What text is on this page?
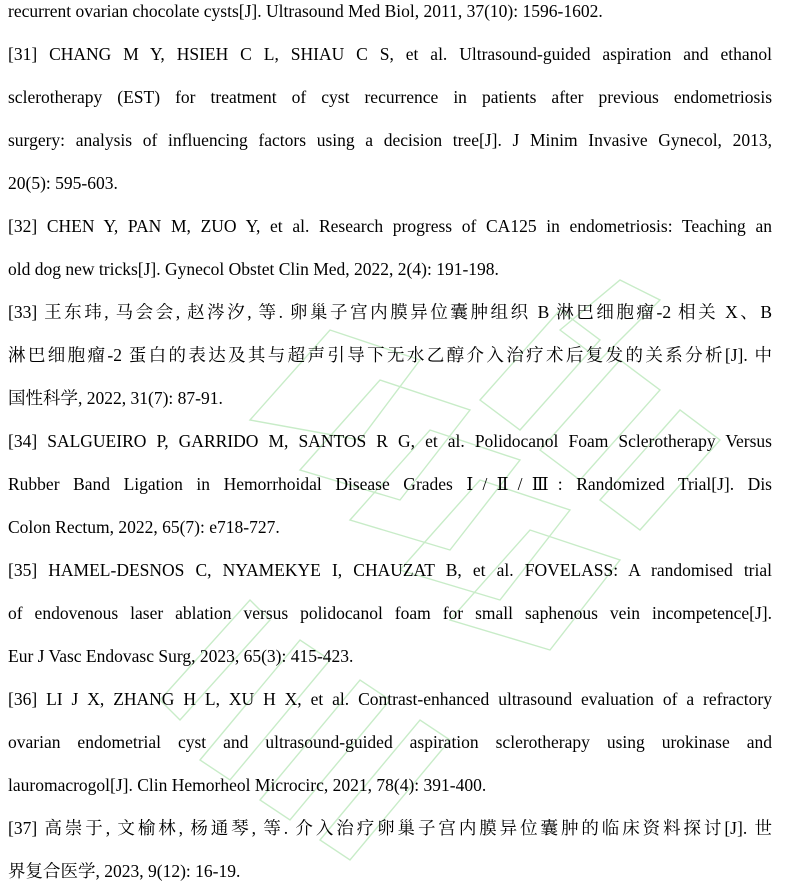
recurrent ovarian chocolate cysts[J]. Ultrasound Med Biol, 2011, 37(10): 1596-1602.
[31] CHANG M Y, HSIEH C L, SHIAU C S, et al. Ultrasound-guided aspiration and ethanol
sclerotherapy (EST) for treatment of cyst recurrence in patients after previous endometriosis
surgery: analysis of influencing factors using a decision tree[J]. J Minim Invasive Gynecol, 2013,
20(5): 595-603.
[32] CHEN Y, PAN M, ZUO Y, et al. Research progress of CA125 in endometriosis: Teaching an
old dog new tricks[J]. Gynecol Obstet Clin Med, 2022, 2(4): 191-198.
[33] 王东玮, 马会会, 赵涔汐, 等. 卵巢子宫内膜异位囊肿组织 B 淋巴细胞瘤-2 相关 X、B
淋巴细胞瘤-2 蛋白的表达及其与超声引导下无水乙醇介入治疗术后复发的关系分析[J]. 中
国性科学, 2022, 31(7): 87-91.
[34] SALGUEIRO P, GARRIDO M, SANTOS R G, et al. Polidocanol Foam Sclerotherapy Versus
Rubber Band Ligation in Hemorrhoidal Disease Grades Ⅰ/Ⅱ/Ⅲ: Randomized Trial[J]. Dis
Colon Rectum, 2022, 65(7): e718-727.
[35] HAMEL-DESNOS C, NYAMEKYE I, CHAUZAT B, et al. FOVELASS: A randomised trial
of endovenous laser ablation versus polidocanol foam for small saphenous vein incompetence[J].
Eur J Vasc Endovasc Surg, 2023, 65(3): 415-423.
[36] LI J X, ZHANG H L, XU H X, et al. Contrast-enhanced ultrasound evaluation of a refractory
ovarian endometrial cyst and ultrasound-guided aspiration sclerotherapy using urokinase and
lauromacrogol[J]. Clin Hemorheol Microcirc, 2021, 78(4): 391-400.
[37] 高崇于, 文榆林, 杨通琴, 等. 介入治疗卵巢子宫内膜异位囊肿的临床资料探讨[J]. 世
界复合医学, 2023, 9(12): 16-19.
